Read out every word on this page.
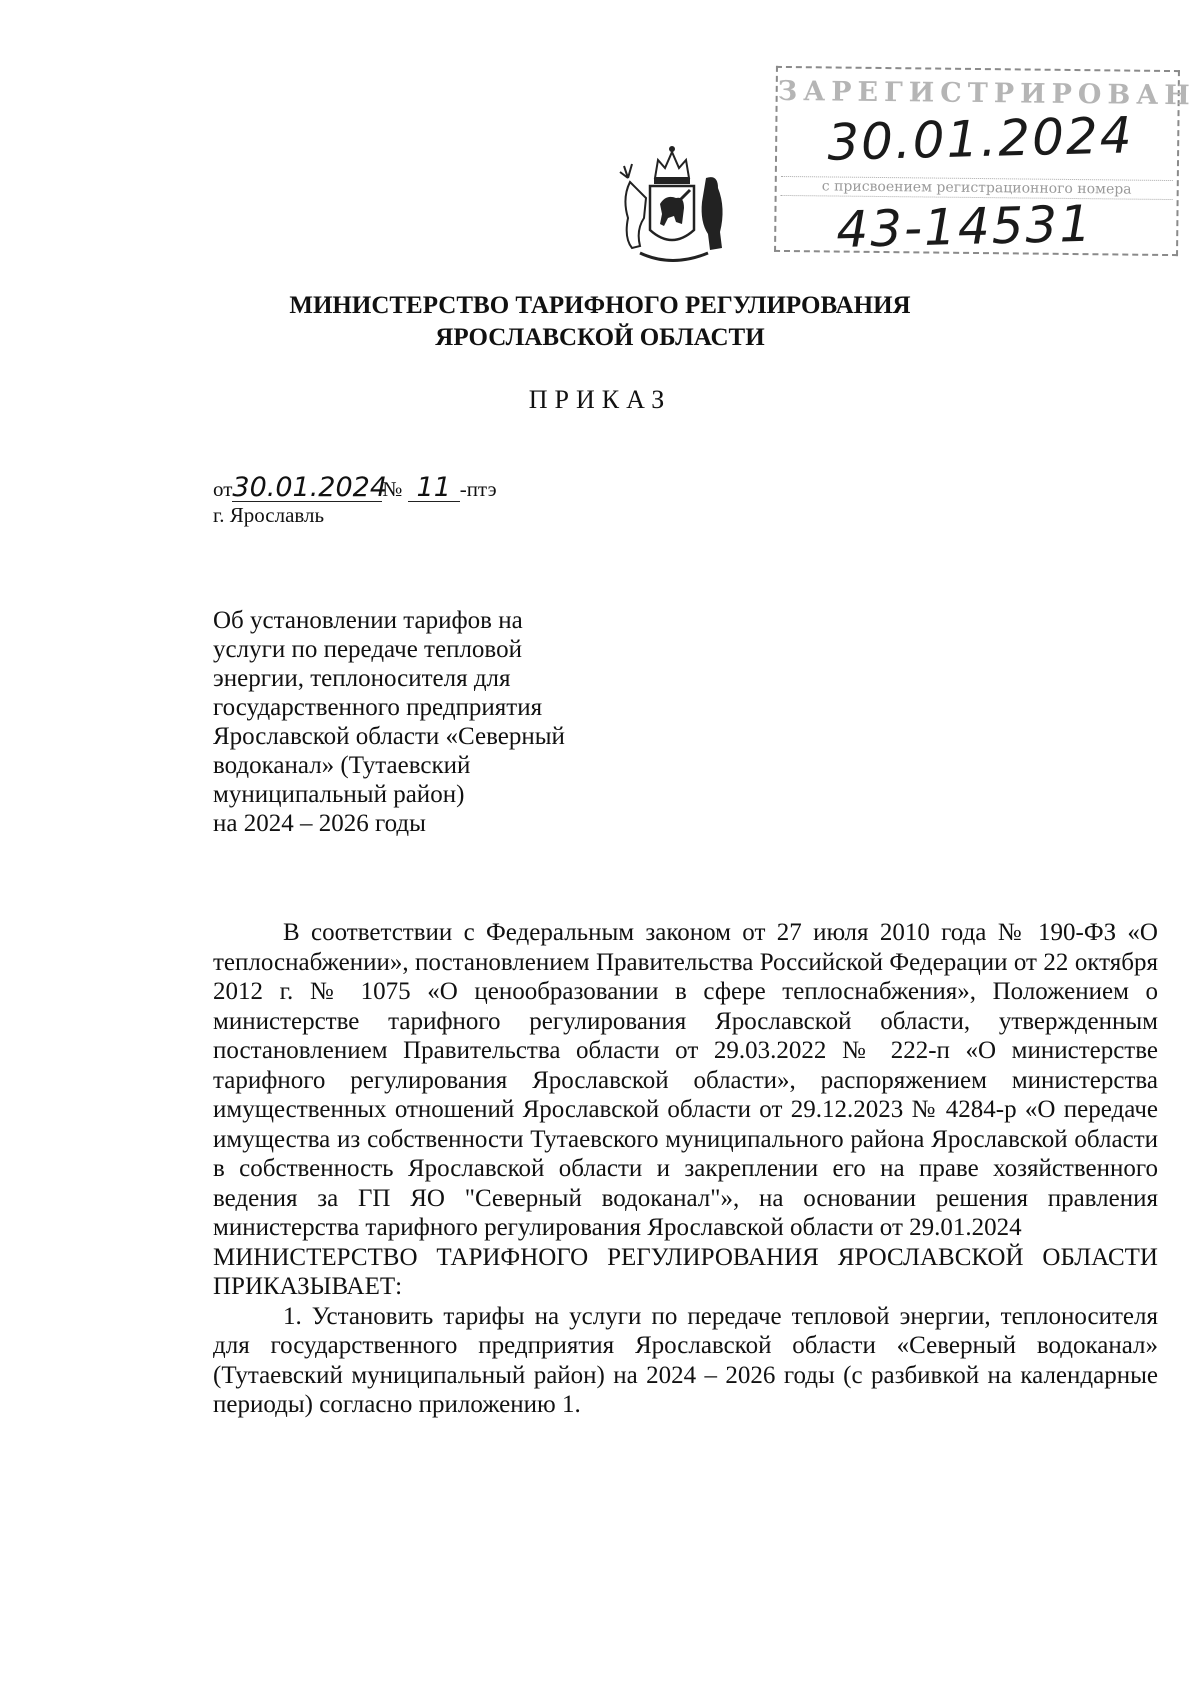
ЗАРЕГИСТРИРОВАН
30.01.2024
с присвоением регистрационного номера
43-14531
МИНИСТЕРСТВО ТАРИФНОГО РЕГУЛИРОВАНИЯ
ЯРОСЛАВСКОЙ ОБЛАСТИ
ПРИКАЗ
от30.01.2024№ 11 -птэ
г. Ярославль
Об установлении тарифов на
услуги по передаче тепловой
энергии, теплоносителя для
государственного предприятия
Ярославской области «Северный
водоканал» (Тутаевский
муниципальный район)
на 2024 – 2026 годы

В соответствии с Федеральным законом от 27 июля 2010 года № 190-ФЗ «О теплоснабжении», постановлением Правительства Российской Федерации от 22 октября 2012 г. № 1075 «О ценообразовании в сфере теплоснабжения», Положением о министерстве тарифного регулирования Ярославской области, утвержденным постановлением Правительства области от 29.03.2022 № 222-п «О министерстве тарифного регулирования Ярославской области», распоряжением министерства имущественных отношений Ярославской области от 29.12.2023 № 4284-р «О передаче имущества из собственности Тутаевского муниципального района Ярославской области в собственность Ярославской области и закреплении его на праве хозяйственного ведения за ГП ЯО "Северный водоканал"», на основании решения правления министерства тарифного регулирования Ярославской области от 29.01.2024

МИНИСТЕРСТВО ТАРИФНОГО РЕГУЛИРОВАНИЯ ЯРОСЛАВСКОЙ ОБЛАСТИ ПРИКАЗЫВАЕТ:

1. Установить тарифы на услуги по передаче тепловой энергии, теплоносителя для государственного предприятия Ярославской области «Северный водоканал» (Тутаевский муниципальный район) на 2024 – 2026 годы (с разбивкой на календарные периоды) согласно приложению 1.
